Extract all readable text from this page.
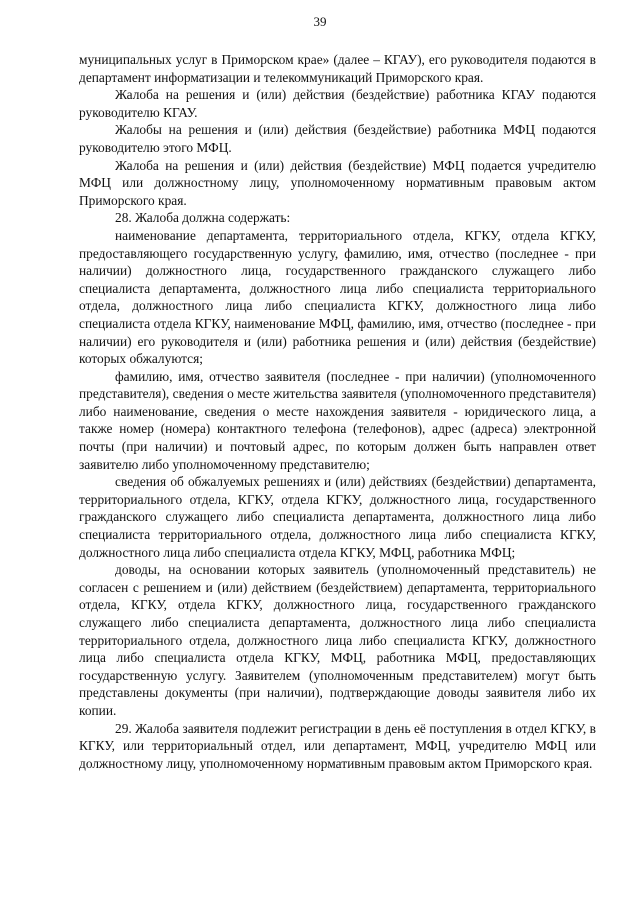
39

муниципальных услуг в Приморском крае» (далее – КГАУ), его руководителя подаются в департамент информатизации и телекоммуникаций Приморского края.

Жалоба на решения и (или) действия (бездействие) работника КГАУ подаются руководителю КГАУ.

Жалобы на решения и (или) действия (бездействие) работника МФЦ подаются руководителю этого МФЦ.

Жалоба на решения и (или) действия (бездействие) МФЦ подается учредителю МФЦ или должностному лицу, уполномоченному нормативным правовым актом Приморского края.

28. Жалоба должна содержать:

наименование департамента, территориального отдела, КГКУ, отдела КГКУ, предоставляющего государственную услугу, фамилию, имя, отчество (последнее - при наличии) должностного лица, государственного гражданского служащего либо специалиста департамента, должностного лица либо специалиста территориального отдела, должностного лица либо специалиста КГКУ, должностного лица либо специалиста отдела КГКУ, наименование МФЦ, фамилию, имя, отчество (последнее - при наличии) его руководителя и (или) работника решения и (или) действия (бездействие) которых обжалуются;

фамилию, имя, отчество заявителя (последнее - при наличии) (уполномоченного представителя), сведения о месте жительства заявителя (уполномоченного представителя) либо наименование, сведения о месте нахождения заявителя - юридического лица, а также номер (номера) контактного телефона (телефонов), адрес (адреса) электронной почты (при наличии) и почтовый адрес, по которым должен быть направлен ответ заявителю либо уполномоченному представителю;

сведения об обжалуемых решениях и (или) действиях (бездействии) департамента, территориального отдела, КГКУ, отдела КГКУ, должностного лица, государственного гражданского служащего либо специалиста департамента, должностного лица либо специалиста территориального отдела, должностного лица либо специалиста КГКУ, должностного лица либо специалиста отдела КГКУ, МФЦ, работника МФЦ;

доводы, на основании которых заявитель (уполномоченный представитель) не согласен с решением и (или) действием (бездействием) департамента, территориального отдела, КГКУ, отдела КГКУ, должностного лица, государственного гражданского служащего либо специалиста департамента, должностного лица либо специалиста территориального отдела, должностного лица либо специалиста КГКУ, должностного лица либо специалиста отдела КГКУ, МФЦ, работника МФЦ, предоставляющих государственную услугу. Заявителем (уполномоченным представителем) могут быть представлены документы (при наличии), подтверждающие доводы заявителя либо их копии.

29. Жалоба заявителя подлежит регистрации в день её поступления в отдел КГКУ, в КГКУ, или территориальный отдел, или департамент, МФЦ, учредителю МФЦ или должностному лицу, уполномоченному нормативным правовым актом Приморского края.
